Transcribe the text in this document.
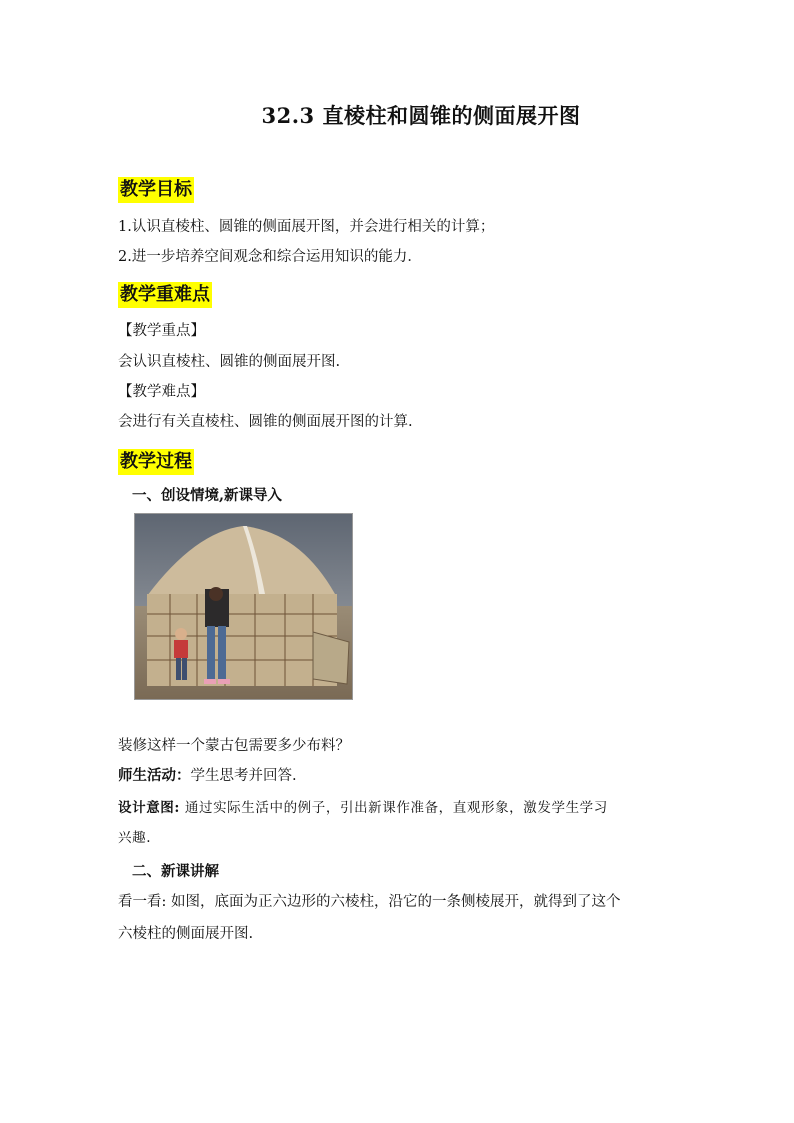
32.3 直棱柱和圆锥的侧面展开图
教学目标
1.认识直棱柱、圆锥的侧面展开图，并会进行相关的计算；
2.进一步培养空间观念和综合运用知识的能力．
教学重难点
【教学重点】
会认识直棱柱、圆锥的侧面展开图.
【教学难点】
会进行有关直棱柱、圆锥的侧面展开图的计算.
教学过程
一、创设情境,新课导入
装修这样一个蒙古包需要多少布料？
师生活动：学生思考并回答.
设计意图: 通过实际生活中的例子，引出新课作准备，直观形象，激发学生学习
兴趣.
二、新课讲解
看一看: 如图，底面为正六边形的六棱柱，沿它的一条侧棱展开，就得到了这个
六棱柱的侧面展开图.
